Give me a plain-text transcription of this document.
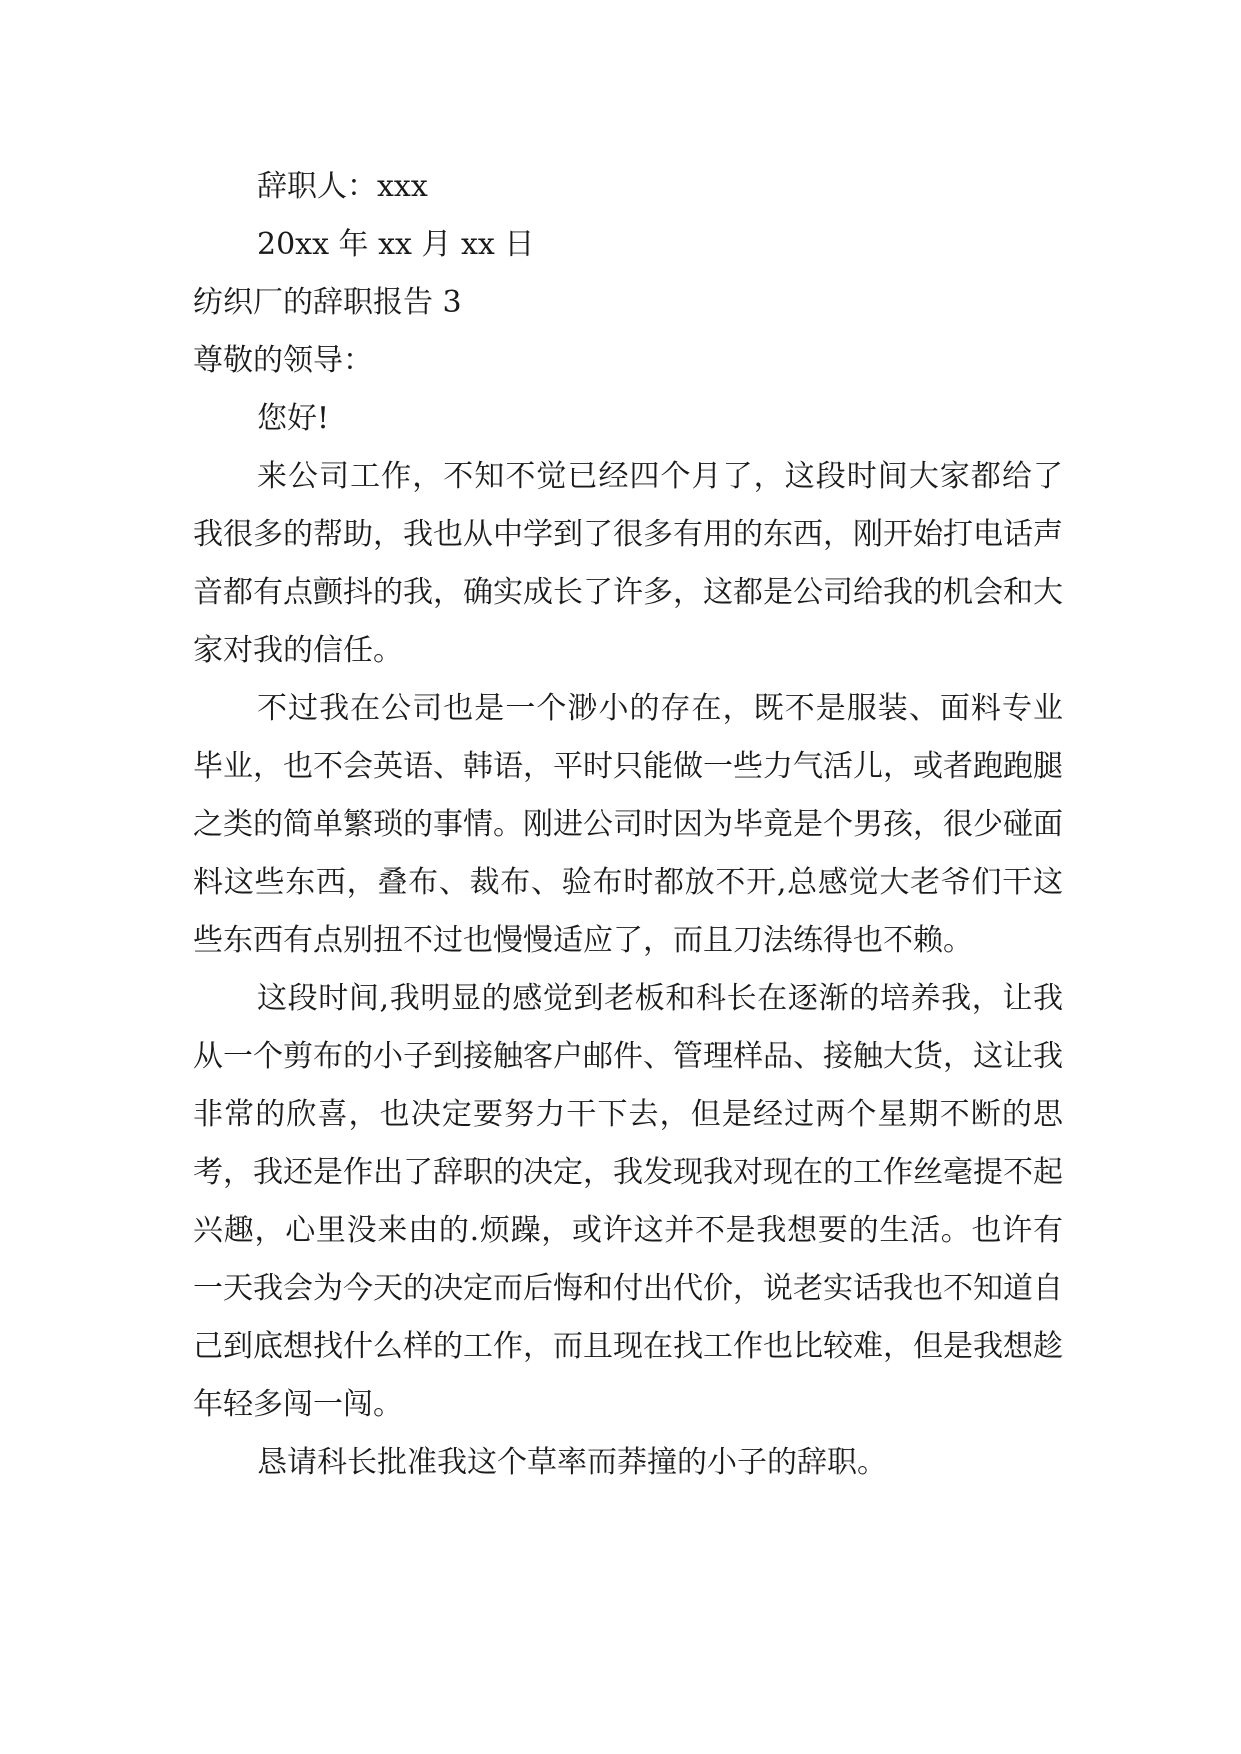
辞职人：xxx
20xx 年 xx 月 xx 日
纺织厂的辞职报告 3
尊敬的领导：
您好!

来公司工作，不知不觉已经四个月了，这段时间大家都给了我很多的帮助，我也从中学到了很多有用的东西，刚开始打电话声音都有点颤抖的我，确实成长了许多，这都是公司给我的机会和大家对我的信任。

不过我在公司也是一个渺小的存在，既不是服装、面料专业毕业，也不会英语、韩语，平时只能做一些力气活儿，或者跑跑腿之类的简单繁琐的事情。刚进公司时因为毕竟是个男孩，很少碰面料这些东西，叠布、裁布、验布时都放不开,总感觉大老爷们干这些东西有点别扭不过也慢慢适应了，而且刀法练得也不赖。

这段时间,我明显的感觉到老板和科长在逐渐的培养我，让我从一个剪布的小子到接触客户邮件、管理样品、接触大货，这让我非常的欣喜，也决定要努力干下去，但是经过两个星期不断的思考，我还是作出了辞职的决定，我发现我对现在的工作丝毫提不起兴趣，心里没来由的.烦躁，或许这并不是我想要的生活。也许有一天我会为今天的决定而后悔和付出代价，说老实话我也不知道自己到底想找什么样的工作，而且现在找工作也比较难，但是我想趁年轻多闯一闯。

恳请科长批准我这个草率而莽撞的小子的辞职。
